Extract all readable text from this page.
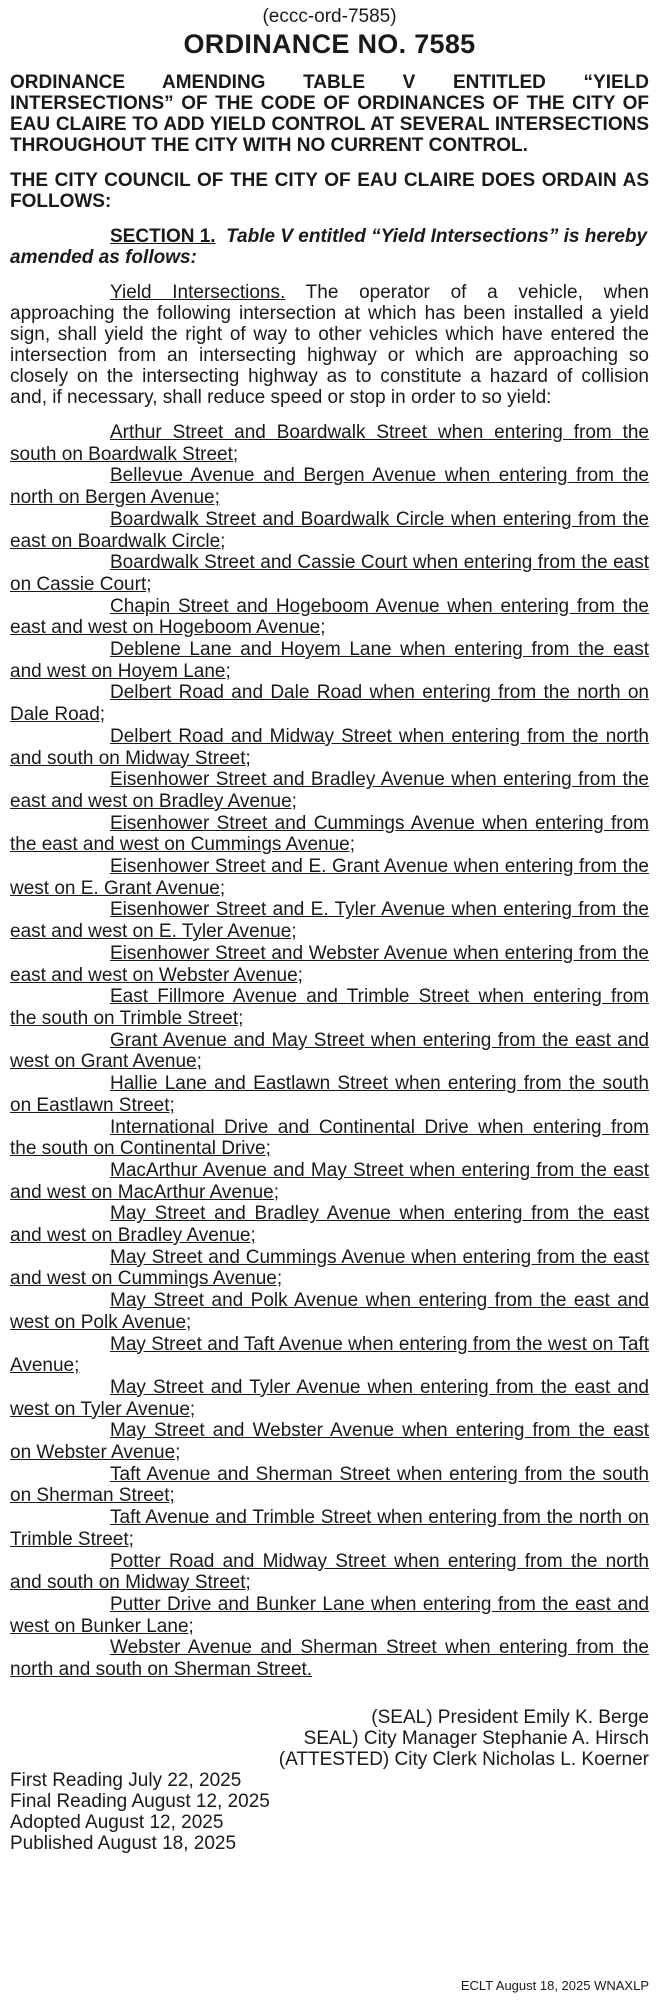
(eccc-ord-7585)
ORDINANCE NO. 7585

ORDINANCE AMENDING TABLE V ENTITLED “YIELD INTERSECTIONS” OF THE CODE OF ORDINANCES OF THE CITY OF EAU CLAIRE TO ADD YIELD CONTROL AT SEVERAL INTERSECTIONS THROUGHOUT THE CITY WITH NO CURRENT CONTROL.

THE CITY COUNCIL OF THE CITY OF EAU CLAIRE DOES ORDAIN AS FOLLOWS:

SECTION 1. Table V entitled “Yield Intersections” is hereby amended as follows:

Yield Intersections. The operator of a vehicle, when approaching the following intersection at which has been installed a yield sign, shall yield the right of way to other vehicles which have entered the intersection from an intersecting highway or which are approaching so closely on the intersecting highway as to constitute a hazard of collision and, if necessary, shall reduce speed or stop in order to so yield:

Arthur Street and Boardwalk Street when entering from the south on Boardwalk Street;
Bellevue Avenue and Bergen Avenue when entering from the north on Bergen Avenue;
Boardwalk Street and Boardwalk Circle when entering from the east on Boardwalk Circle;
Boardwalk Street and Cassie Court when entering from the east on Cassie Court;
Chapin Street and Hogeboom Avenue when entering from the east and west on Hogeboom Avenue;
Deblene Lane and Hoyem Lane when entering from the east and west on Hoyem Lane;
Delbert Road and Dale Road when entering from the north on Dale Road;
Delbert Road and Midway Street when entering from the north and south on Midway Street;
Eisenhower Street and Bradley Avenue when entering from the east and west on Bradley Avenue;
Eisenhower Street and Cummings Avenue when entering from the east and west on Cummings Avenue;
Eisenhower Street and E. Grant Avenue when entering from the west on E. Grant Avenue;
Eisenhower Street and E. Tyler Avenue when entering from the east and west on E. Tyler Avenue;
Eisenhower Street and Webster Avenue when entering from the east and west on Webster Avenue;
East Fillmore Avenue and Trimble Street when entering from the south on Trimble Street;
Grant Avenue and May Street when entering from the east and west on Grant Avenue;
Hallie Lane and Eastlawn Street when entering from the south on Eastlawn Street;
International Drive and Continental Drive when entering from the south on Continental Drive;
MacArthur Avenue and May Street when entering from the east and west on MacArthur Avenue;
May Street and Bradley Avenue when entering from the east and west on Bradley Avenue;
May Street and Cummings Avenue when entering from the east and west on Cummings Avenue;
May Street and Polk Avenue when entering from the east and west on Polk Avenue;
May Street and Taft Avenue when entering from the west on Taft Avenue;
May Street and Tyler Avenue when entering from the east and west on Tyler Avenue;
May Street and Webster Avenue when entering from the east on Webster Avenue;
Taft Avenue and Sherman Street when entering from the south on Sherman Street;
Taft Avenue and Trimble Street when entering from the north on Trimble Street;
Potter Road and Midway Street when entering from the north and south on Midway Street;
Putter Drive and Bunker Lane when entering from the east and west on Bunker Lane;
Webster Avenue and Sherman Street when entering from the north and south on Sherman Street.
(SEAL) President Emily K. Berge
SEAL) City Manager Stephanie A. Hirsch
(ATTESTED) City Clerk Nicholas L. Koerner
First Reading July 22, 2025
Final Reading August 12, 2025
Adopted August 12, 2025
Published August 18, 2025
ECLT August 18, 2025 WNAXLP
